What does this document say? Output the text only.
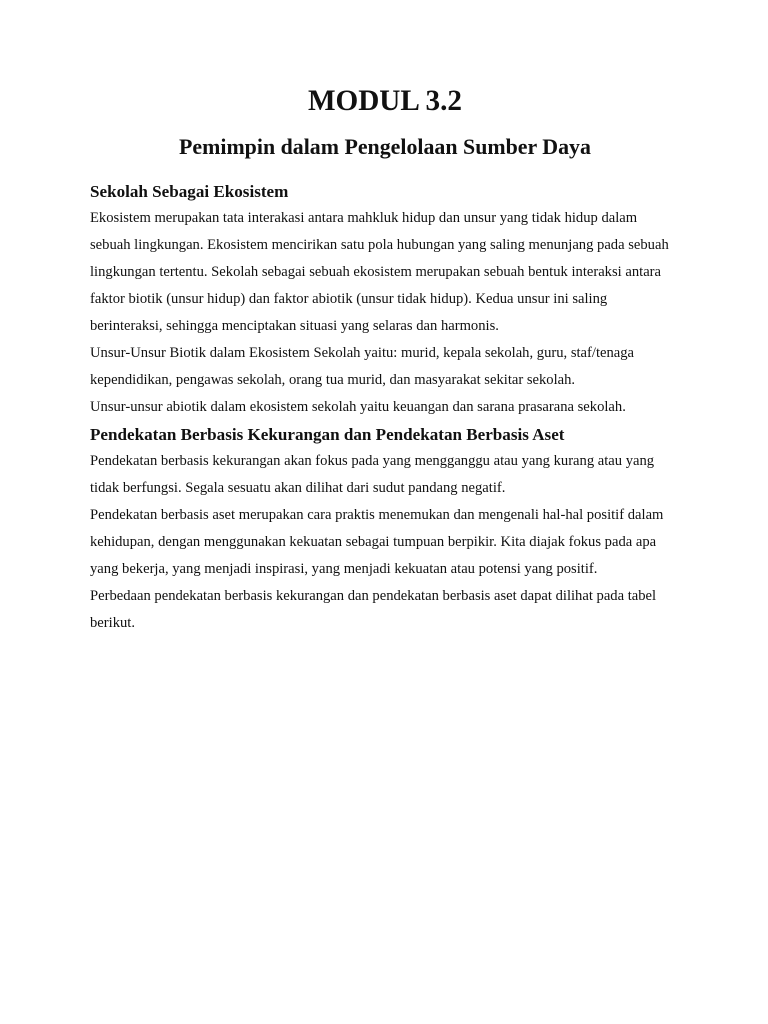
MODUL 3.2
Pemimpin dalam Pengelolaan Sumber Daya
Sekolah Sebagai Ekosistem

Ekosistem merupakan tata interakasi antara mahkluk hidup dan unsur yang tidak hidup dalam sebuah lingkungan. Ekosistem mencirikan satu pola hubungan yang saling menunjang pada sebuah lingkungan tertentu. Sekolah sebagai sebuah ekosistem merupakan sebuah bentuk interaksi antara faktor biotik (unsur hidup) dan faktor abiotik (unsur tidak hidup). Kedua unsur ini saling berinteraksi, sehingga menciptakan situasi yang selaras dan harmonis.

Unsur-Unsur Biotik dalam Ekosistem Sekolah yaitu: murid, kepala sekolah, guru, staf/tenaga kependidikan, pengawas sekolah, orang tua murid, dan masyarakat sekitar sekolah.

Unsur-unsur abiotik dalam ekosistem sekolah yaitu keuangan dan sarana prasarana sekolah.

Pendekatan Berbasis Kekurangan dan Pendekatan Berbasis Aset

Pendekatan berbasis kekurangan akan fokus pada yang mengganggu atau yang kurang atau yang tidak berfungsi. Segala sesuatu akan dilihat dari sudut pandang negatif.

Pendekatan berbasis aset merupakan cara praktis menemukan dan mengenali hal-hal positif dalam kehidupan, dengan menggunakan kekuatan sebagai tumpuan berpikir. Kita diajak fokus pada apa yang bekerja, yang menjadi inspirasi, yang menjadi kekuatan atau potensi yang positif.

Perbedaan pendekatan berbasis kekurangan dan pendekatan berbasis aset dapat dilihat pada tabel berikut.
